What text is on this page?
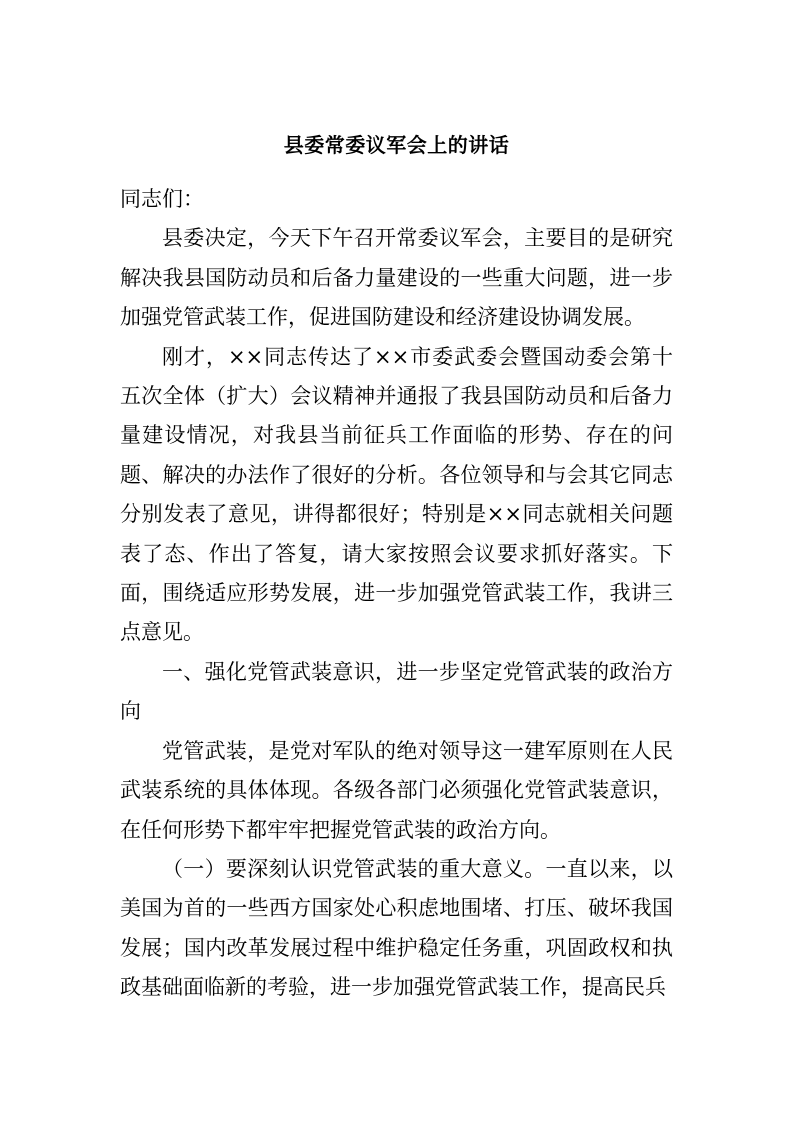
县委常委议军会上的讲话

同志们：

县委决定，今天下午召开常委议军会，主要目的是研究解决我县国防动员和后备力量建设的一些重大问题，进一步加强党管武装工作，促进国防建设和经济建设协调发展。

刚才，××同志传达了××市委武委会暨国动委会第十五次全体（扩大）会议精神并通报了我县国防动员和后备力量建设情况，对我县当前征兵工作面临的形势、存在的问题、解决的办法作了很好的分析。各位领导和与会其它同志分别发表了意见，讲得都很好；特别是××同志就相关问题表了态、作出了答复，请大家按照会议要求抓好落实。下面，围绕适应形势发展，进一步加强党管武装工作，我讲三点意见。

一、强化党管武装意识，进一步坚定党管武装的政治方向

党管武装，是党对军队的绝对领导这一建军原则在人民武装系统的具体体现。各级各部门必须强化党管武装意识，在任何形势下都牢牢把握党管武装的政治方向。

（一）要深刻认识党管武装的重大意义。一直以来，以美国为首的一些西方国家处心积虑地围堵、打压、破坏我国发展；国内改革发展过程中维护稳定任务重，巩固政权和执政基础面临新的考验，进一步加强党管武装工作，提高民兵
